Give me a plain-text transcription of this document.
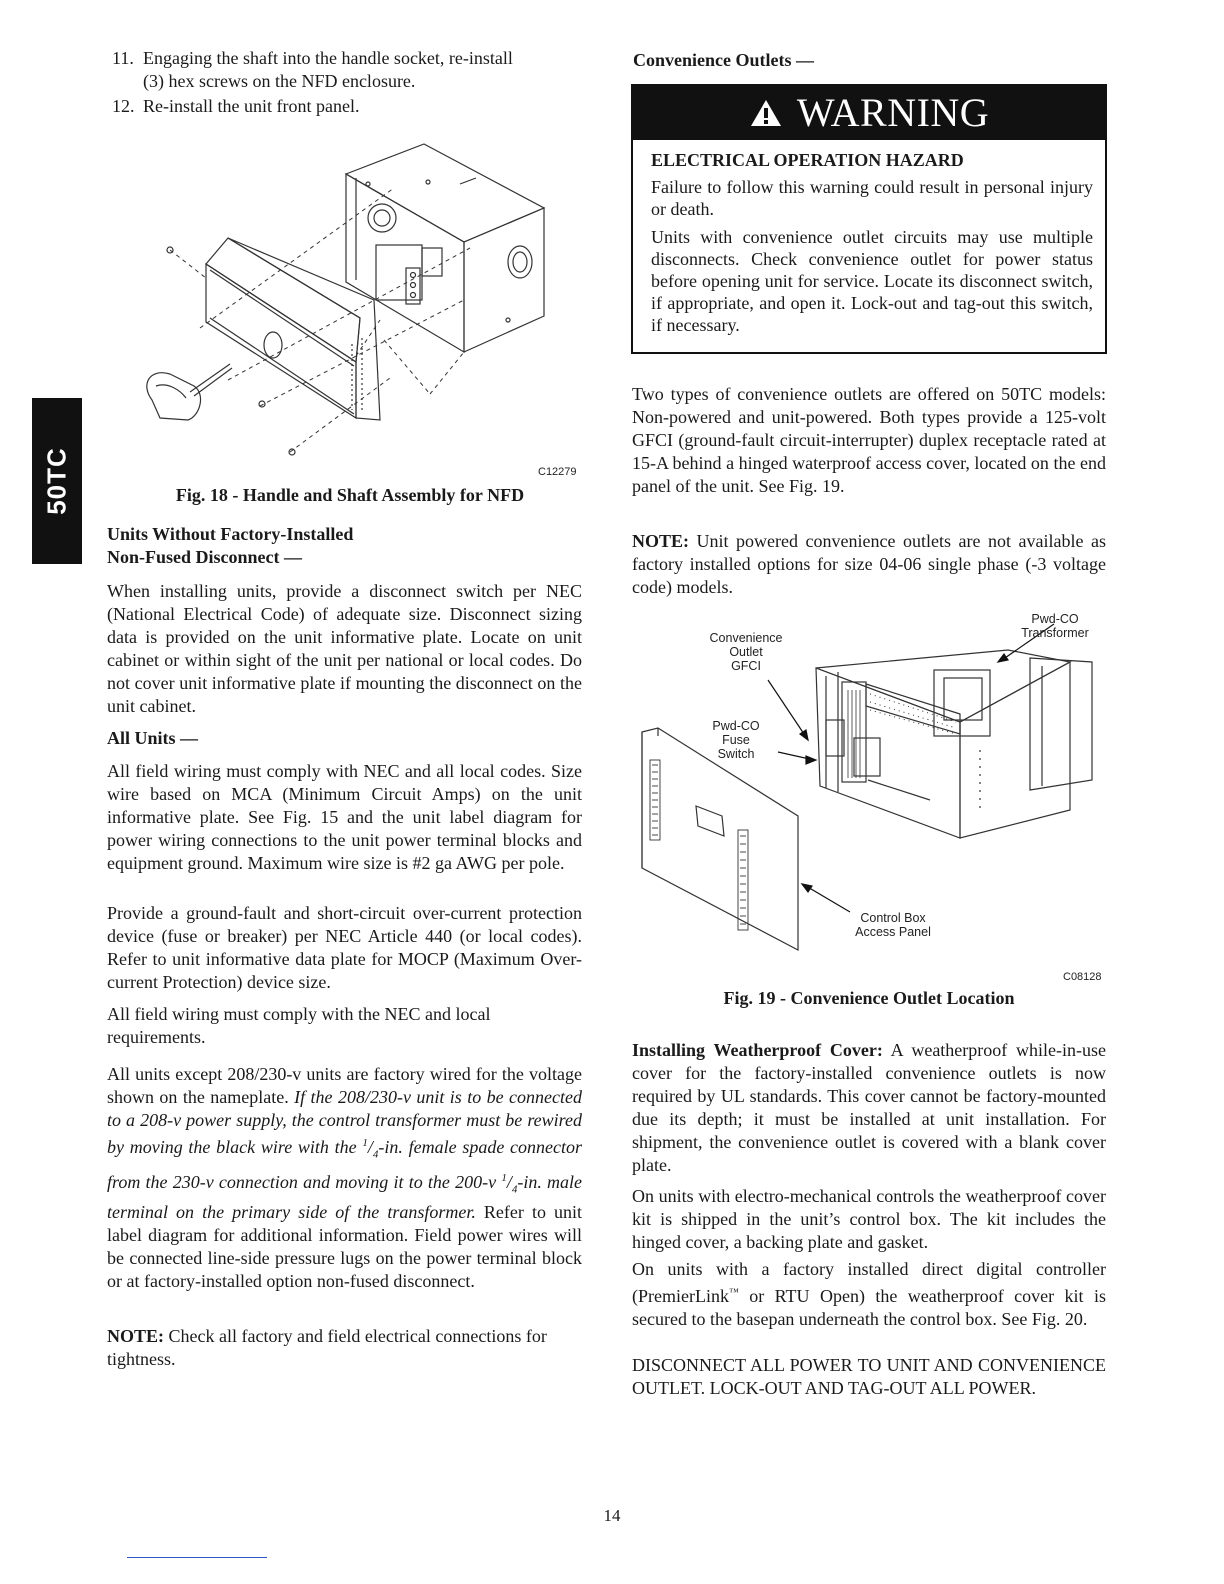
50TC
11. Engaging the shaft into the handle socket, re-install
(3) hex screws on the NFD enclosure.
12. Re-install the unit front panel.
C12279
Fig. 18 - Handle and Shaft Assembly for NFD
Units Without Factory-Installed
Non-Fused Disconnect —

When installing units, provide a disconnect switch per NEC (National Electrical Code) of adequate size. Disconnect sizing data is provided on the unit informative plate. Locate on unit cabinet or within sight of the unit per national or local codes. Do not cover unit informative plate if mounting the disconnect on the unit cabinet.

All Units —

All field wiring must comply with NEC and all local codes. Size wire based on MCA (Minimum Circuit Amps) on the unit informative plate. See Fig. 15 and the unit label diagram for power wiring connections to the unit power terminal blocks and equipment ground. Maximum wire size is #2 ga AWG per pole.

Provide a ground-fault and short-circuit over-current protection device (fuse or breaker) per NEC Article 440 (or local codes). Refer to unit informative data plate for MOCP (Maximum Over-current Protection) device size.

All field wiring must comply with the NEC and local requirements.

All units except 208/230-v units are factory wired for the voltage shown on the nameplate. If the 208/230-v unit is to be connected to a 208-v power supply, the control transformer must be rewired by moving the black wire with the $^1/_4-in$. female spade connector from the 230-v connection and moving it to the 200-v $^1/_4-in$. male terminal on the primary side of the transformer. Refer to unit label diagram for additional information. Field power wires will be connected line-side pressure lugs on the power terminal block or at factory-installed option non-fused disconnect.

NOTE: Check all factory and field electrical connections for tightness.

Convenience Outlets —
WARNING
ELECTRICAL OPERATION HAZARD

Failure to follow this warning could result in personal injury or death.

Units with convenience outlet circuits may use multiple disconnects. Check convenience outlet for power status before opening unit for service. Locate its disconnect switch, if appropriate, and open it. Lock-out and tag-out this switch, if necessary.

Two types of convenience outlets are offered on 50TC models: Non-powered and unit-powered. Both types provide a 125-volt GFCI (ground-fault circuit-interrupter) duplex receptacle rated at 15-A behind a hinged waterproof access cover, located on the end panel of the unit. See Fig. 19.

NOTE: Unit powered convenience outlets are not available as factory installed options for size 04-06 single phase (-3 voltage code) models.

Pwd-CO
Transformer
Convenience
Outlet
GFCI
Pwd-CO
Fuse
Switch
Control Box
Access Panel
C08128
Fig. 19 - Convenience Outlet Location

Installing Weatherproof Cover: A weatherproof while-in-use cover for the factory-installed convenience outlets is now required by UL standards. This cover cannot be factory-mounted due its depth; it must be installed at unit installation. For shipment, the convenience outlet is covered with a blank cover plate.

On units with electro-mechanical controls the weatherproof cover kit is shipped in the unit’s control box. The kit includes the hinged cover, a backing plate and gasket.

On units with a factory installed direct digital controller (PremierLink™ or RTU Open) the weatherproof cover kit is secured to the basepan underneath the control box. See Fig. 20.

DISCONNECT ALL POWER TO UNIT AND CONVENIENCE OUTLET. LOCK-OUT AND TAG-OUT ALL POWER.

14
